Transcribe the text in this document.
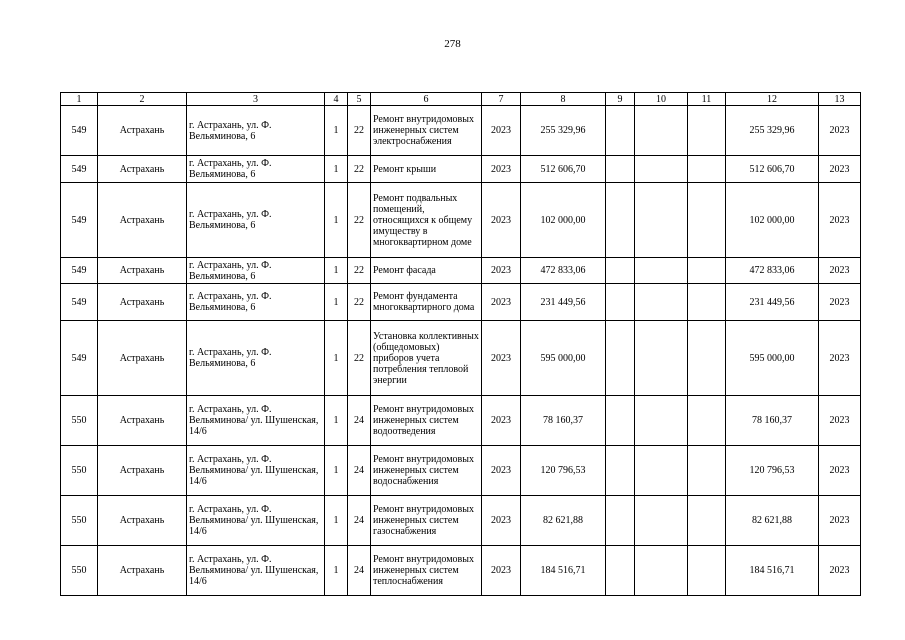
278
1	2	3	4	5	6	7	8	9	10	11	12	13
549	Астрахань	г. Астрахань, ул. Ф. Вельяминова, 6	1	22	Ремонт внутридомовых инженерных систем электроснабжения	2023	255 329,96				255 329,96	2023
549	Астрахань	г. Астрахань, ул. Ф. Вельяминова, 6	1	22	Ремонт крыши	2023	512 606,70				512 606,70	2023
549	Астрахань	г. Астрахань, ул. Ф. Вельяминова, 6	1	22	Ремонт подвальных помещений, относящихся к общему имуществу в многоквартирном доме	2023	102 000,00				102 000,00	2023
549	Астрахань	г. Астрахань, ул. Ф. Вельяминова, 6	1	22	Ремонт фасада	2023	472 833,06				472 833,06	2023
549	Астрахань	г. Астрахань, ул. Ф. Вельяминова, 6	1	22	Ремонт фундамента многоквартирного дома	2023	231 449,56				231 449,56	2023
549	Астрахань	г. Астрахань, ул. Ф. Вельяминова, 6	1	22	Установка коллективных (общедомовых) приборов учета потребления тепловой энергии	2023	595 000,00				595 000,00	2023
550	Астрахань	г. Астрахань, ул. Ф. Вельяминова/ ул. Шушенская, 14/6	1	24	Ремонт внутридомовых инженерных систем водоотведения	2023	78 160,37				78 160,37	2023
550	Астрахань	г. Астрахань, ул. Ф. Вельяминова/ ул. Шушенская, 14/6	1	24	Ремонт внутридомовых инженерных систем водоснабжения	2023	120 796,53				120 796,53	2023
550	Астрахань	г. Астрахань, ул. Ф. Вельяминова/ ул. Шушенская, 14/6	1	24	Ремонт внутридомовых инженерных систем газоснабжения	2023	82 621,88				82 621,88	2023
550	Астрахань	г. Астрахань, ул. Ф. Вельяминова/ ул. Шушенская, 14/6	1	24	Ремонт внутридомовых инженерных систем теплоснабжения	2023	184 516,71				184 516,71	2023
